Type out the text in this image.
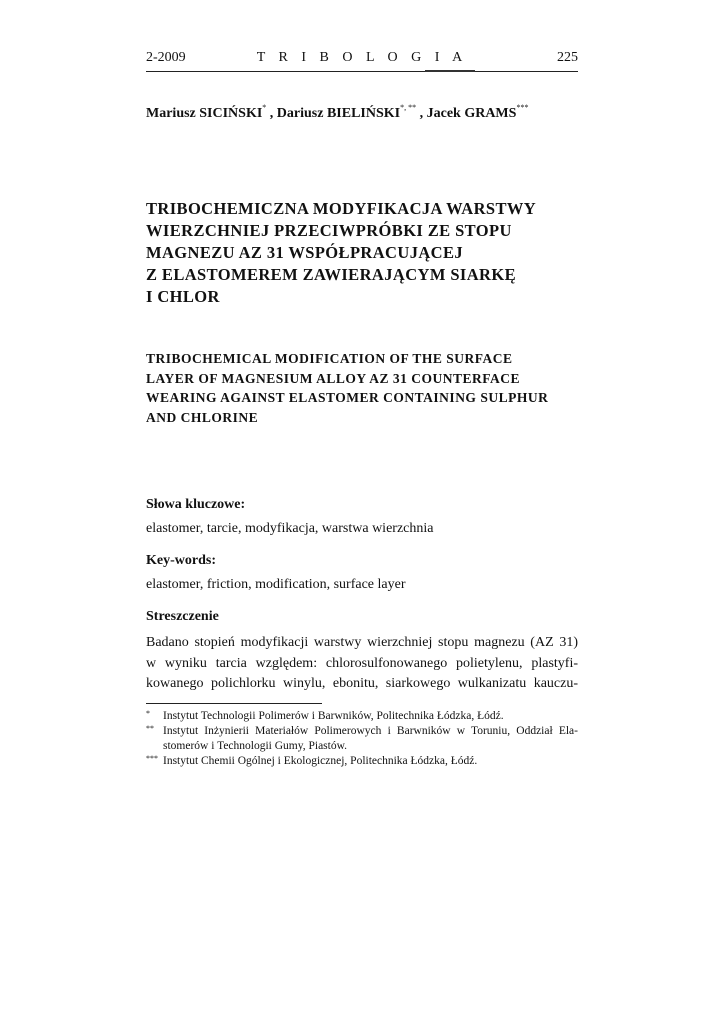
2-2009	T R I B O L O G I A	225
Mariusz SICIŃSKI* , Dariusz BIELIŃSKI*, ** , Jacek GRAMS***
TRIBOCHEMICZNA MODYFIKACJA WARSTWY
WIERZCHNIEJ PRZECIWPRÓBKI ZE STOPU
MAGNEZU AZ 31 WSPÓŁPRACUJĄCEJ
Z ELASTOMEREM ZAWIERAJĄCYM SIARKĘ
I CHLOR
TRIBOCHEMICAL MODIFICATION OF THE SURFACE
LAYER OF MAGNESIUM ALLOY AZ 31 COUNTERFACE
WEARING AGAINST ELASTOMER CONTAINING SULPHUR
AND CHLORINE
Słowa kluczowe:
elastomer, tarcie, modyfikacja, warstwa wierzchnia
Key-words:
elastomer, friction, modification, surface layer
Streszczenie
Badano stopień modyfikacji warstwy wierzchniej stopu magnezu (AZ 31)
w wyniku tarcia względem: chlorosulfonowanego polietylenu, plastyfi-
kowanego polichlorku winylu, ebonitu, siarkowego wulkanizatu kauczu-
* Instytut Technologii Polimerów i Barwników, Politechnika Łódzka, Łódź.
** Instytut Inżynierii Materiałów Polimerowych i Barwników w Toruniu, Oddział Ela-
stomerów i Technologii Gumy, Piastów.
*** Instytut Chemii Ogólnej i Ekologicznej, Politechnika Łódzka, Łódź.
